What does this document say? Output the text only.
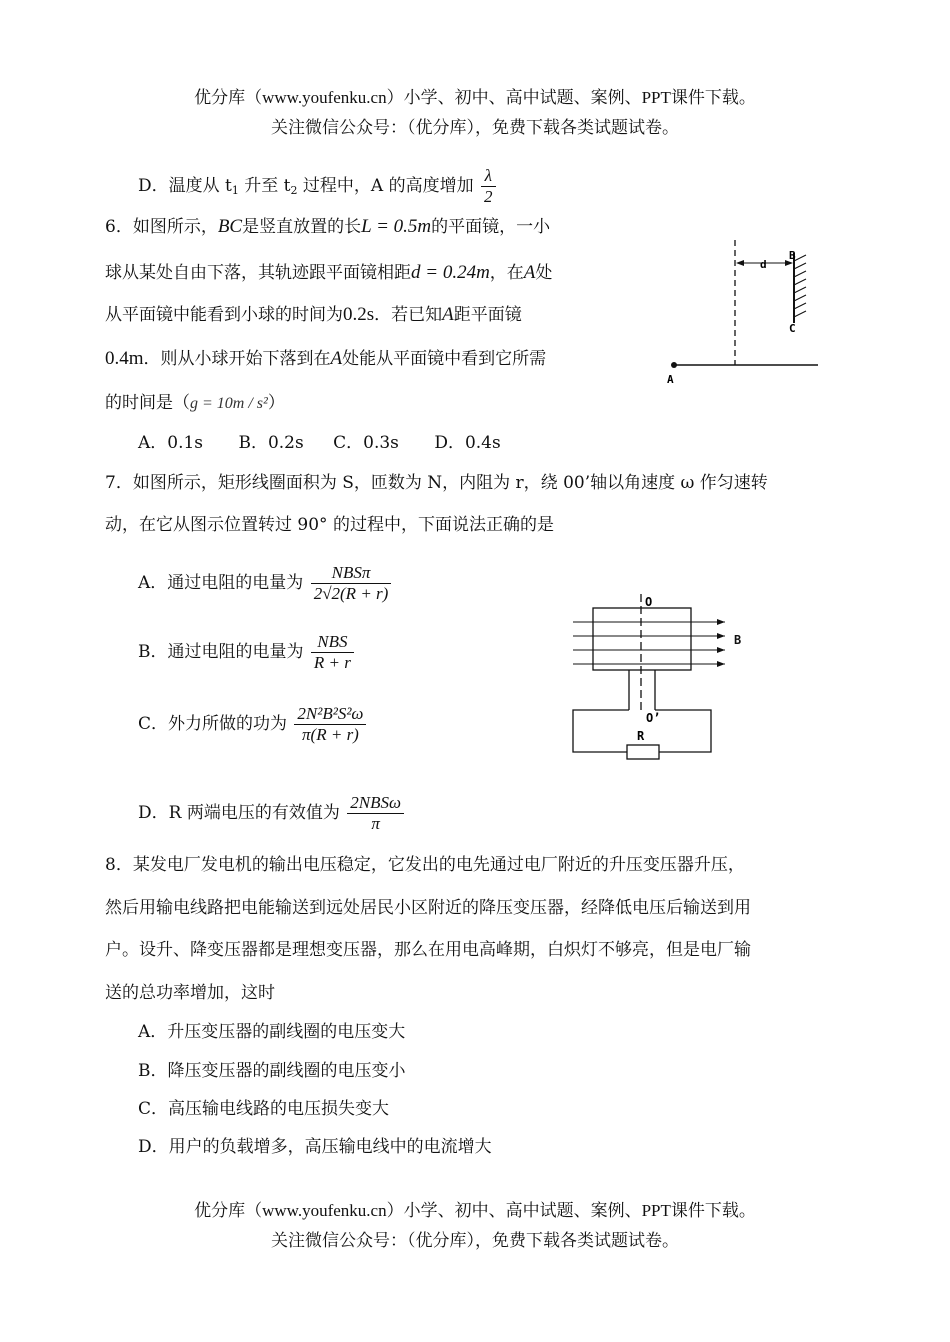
优分库（www.youfenku.cn）小学、初中、高中试题、案例、PPT课件下载。
关注微信公众号：（优分库），免费下载各类试题试卷。
D．温度从 $t_1$ 升至 $t_2$ 过程中，A 的高度增加 $\frac{\lambda}{2}$
6．如图所示，BC是竖直放置的长L = 0.5m的平面镜，一小
球从某处自由下落，其轨迹跟平面镜相距d = 0.24m，在A处
从平面镜中能看到小球的时间为0.2s．若已知A距平面镜
0.4m．则从小球开始下落到在A处能从平面镜中看到它所需
的时间是（g = 10m / s²）
A．0.1s B．0.2s C．0.3s D．0.4s
d
B
C
A
7．如图所示，矩形线圈面积为 S，匝数为 N，内阻为 r，绕 00’轴以角速度 ω 作匀速转
动，在它从图示位置转过 90° 的过程中，下面说法正确的是
A．通过电阻的电量为 $\frac{\text{NBSπ}}{2√2(R + r)}$
B．通过电阻的电量为 $\frac{\text{NBS}}{R + r}$
C．外力所做的功为 $\frac{\text{2N²B²S²ω}}{\pi(R + r)}$
D．R 两端电压的有效值为 $\frac{\text{2NBSω}}{\pi}$
O
O’
R
B
8．某发电厂发电机的输出电压稳定，它发出的电先通过电厂附近的升压变压器升压，
然后用输电线路把电能输送到远处居民小区附近的降压变压器，经降低电压后输送到用
户。设升、降变压器都是理想变压器，那么在用电高峰期，白炽灯不够亮，但是电厂输
送的总功率增加，这时
A．升压变压器的副线圈的电压变大
B．降压变压器的副线圈的电压变小
C．高压输电线路的电压损失变大
D．用户的负载增多，高压输电线中的电流增大
优分库（www.youfenku.cn）小学、初中、高中试题、案例、PPT课件下载。
关注微信公众号：（优分库），免费下载各类试题试卷。
